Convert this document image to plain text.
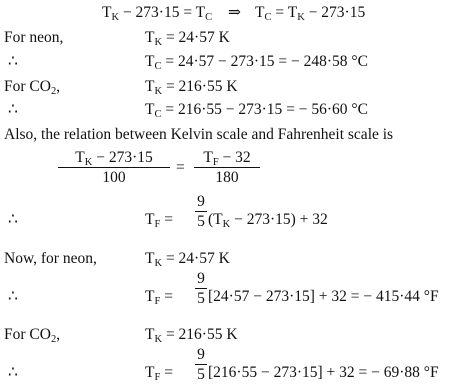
$T_K - 273\cdot 15 = T_C$ ⇒ $T_C = T_K - 273\cdot 15$
For neon,	$T_K = 24\cdot 57$ K
∴	$T_C = 24\cdot 57 - 273\cdot 15$ = − 248·58 °C
For $CO_2$,	$T_K = 216\cdot 55$ K
∴	$T_C = 216\cdot 55 - 273\cdot 15$ = − 56·60 °C
Also, the relation between Kelvin scale and Fahrenheit scale is
$T_K - 273\cdot 15$
100
=
$T_F - 32$
180
∴	$T_F$ =
9
5 $(T_K - 273\cdot 15) + 32$
Now, for neon,	$T_K = 24\cdot 57$ K
∴	$T_F$ =
9
5 [24·57 − 273·15] + 32 = − 415·44 °F
For $CO_2$,	$T_K = 216\cdot 55$ K
∴	$T_F$ =
9
5 [216·55 − 273·15] + 32 = − 69·88 °F
